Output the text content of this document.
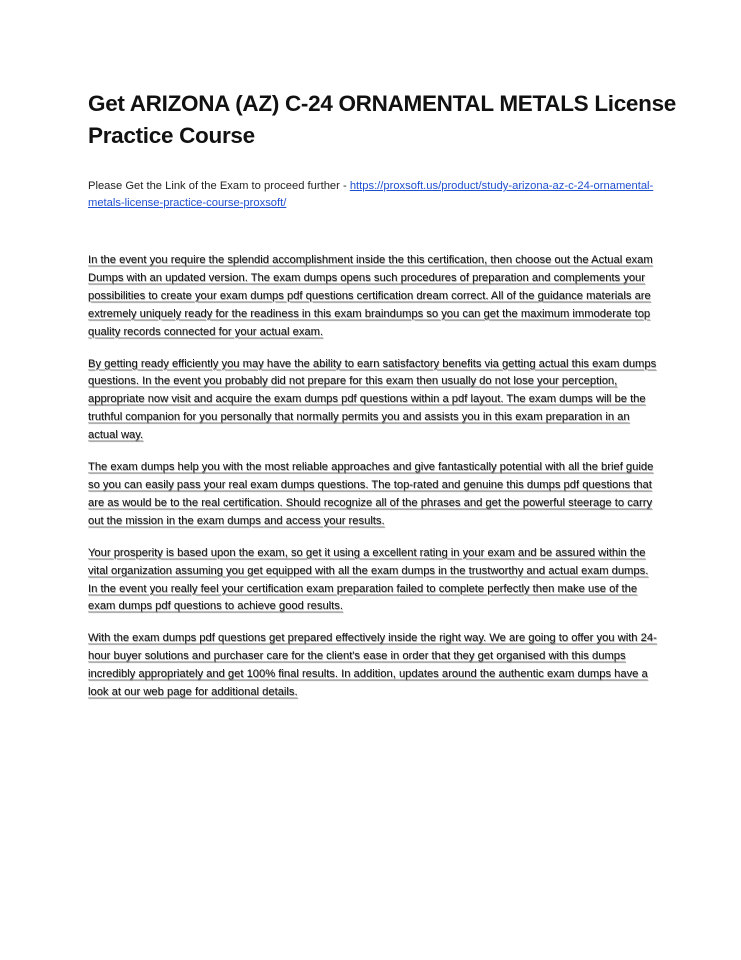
Get ARIZONA (AZ) C-24 ORNAMENTAL METALS License Practice Course

Please Get the Link of the Exam to proceed further - https://proxsoft.us/product/study-arizona-az-c-24-ornamental-metals-license-practice-course-proxsoft/

In the event you require the splendid accomplishment inside the this certification, then choose out the Actual exam Dumps with an updated version. The exam dumps opens such procedures of preparation and complements your possibilities to create your exam dumps pdf questions certification dream correct. All of the guidance materials are extremely uniquely ready for the readiness in this exam braindumps so you can get the maximum immoderate top quality records connected for your actual exam.

By getting ready efficiently you may have the ability to earn satisfactory benefits via getting actual this exam dumps questions. In the event you probably did not prepare for this exam then usually do not lose your perception, appropriate now visit and acquire the exam dumps pdf questions within a pdf layout. The exam dumps will be the truthful companion for you personally that normally permits you and assists you in this exam preparation in an actual way.

The exam dumps help you with the most reliable approaches and give fantastically potential with all the brief guide so you can easily pass your real exam dumps questions. The top-rated and genuine this dumps pdf questions that are as would be to the real certification. Should recognize all of the phrases and get the powerful steerage to carry out the mission in the exam dumps and access your results.

Your prosperity is based upon the exam, so get it using a excellent rating in your exam and be assured within the vital organization assuming you get equipped with all the exam dumps in the trustworthy and actual exam dumps. In the event you really feel your certification exam preparation failed to complete perfectly then make use of the exam dumps pdf questions to achieve good results.

With the exam dumps pdf questions get prepared effectively inside the right way. We are going to offer you with 24-hour buyer solutions and purchaser care for the client's ease in order that they get organised with this dumps incredibly appropriately and get 100% final results. In addition, updates around the authentic exam dumps have a look at our web page for additional details.
